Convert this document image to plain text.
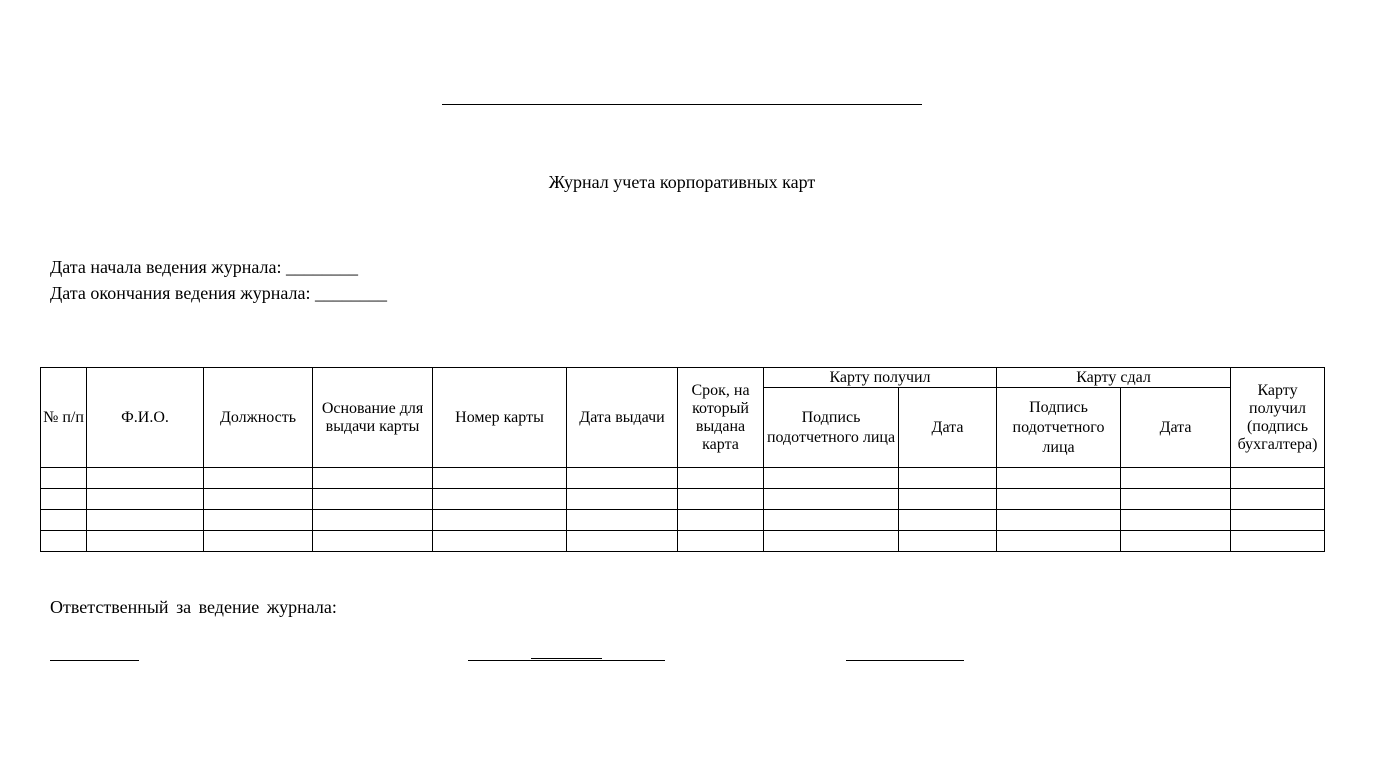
Журнал учета корпоративных карт
Дата начала ведения журнала: ________
Дата окончания ведения журнала: ________
№ п/п	Ф.И.О.	Должность	Основание для выдачи карты	Номер карты	Дата выдачи	Срок, на который выдана карта	Карту получил		Карту сдал		Карту получил (подпись бухгалтера)
							Подпись подотчетного лица	Дата	Подпись подотчетного лица	Дата	

Ответственный за ведение журнала:
